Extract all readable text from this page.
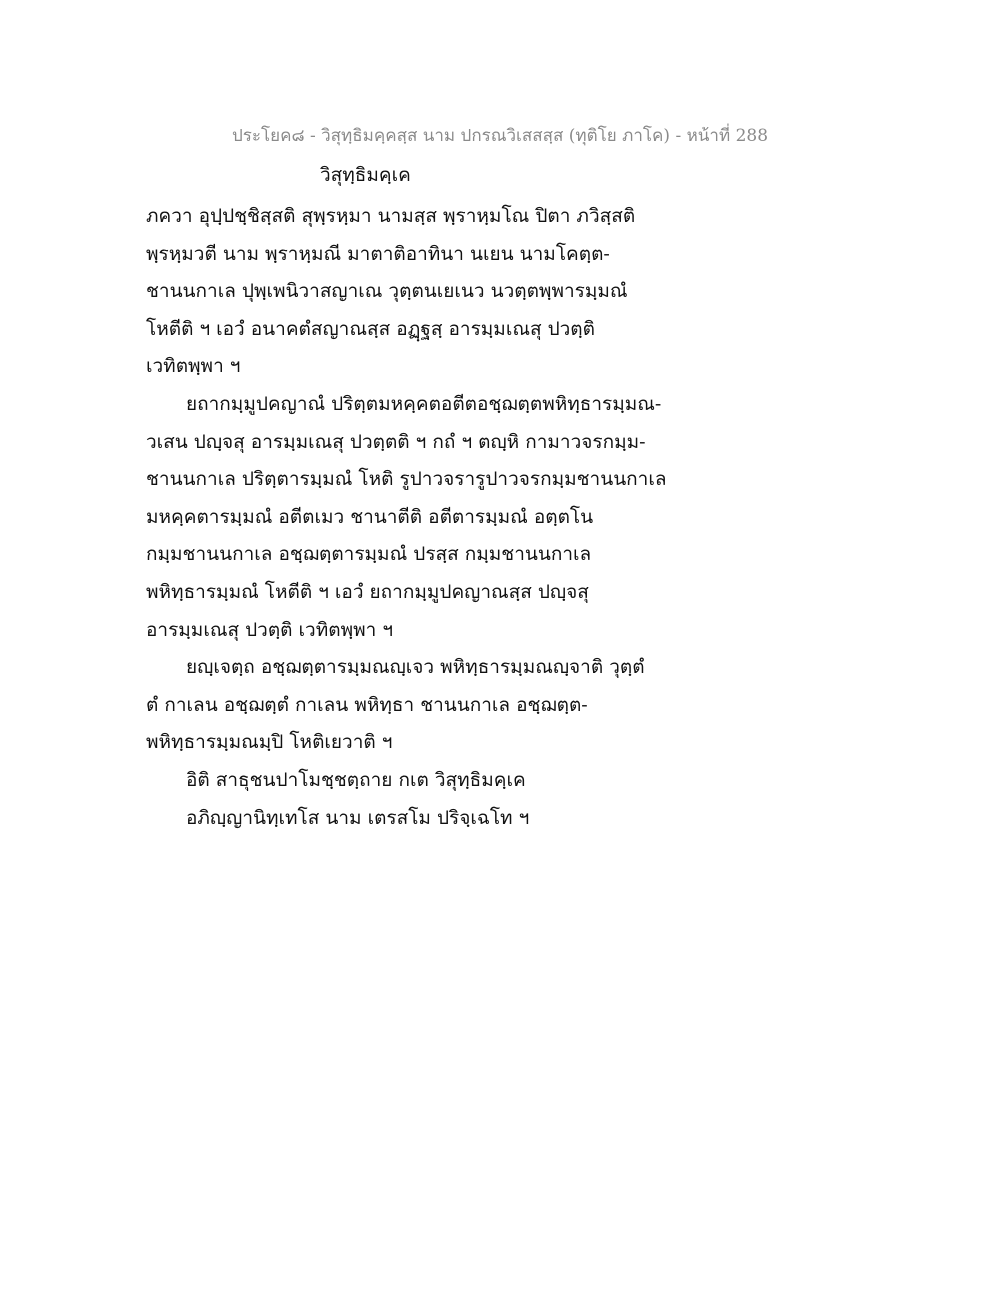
ประโยค๘ - วิสุทฺธิมคฺคสฺส นาม ปกรณวิเสสสฺส (ทุติโย ภาโค) - หน้าที่ 288
วิสุทฺธิมคฺเค
ภควา อุปฺปชฺชิสฺสติ สุพฺรหฺมา นามสฺส พฺราหฺมโณ ปิตา ภวิสฺสติ
พฺรหฺมวตี นาม พฺราหฺมณี มาตาติอาทินา นเยน นามโคตฺต-
ชานนกาเล ปุพฺเพนิวาสญาเณ วุตฺตนเยเนว นวตฺตพฺพารมฺมณํ
โหตีติ ฯ เอวํ อนาคตํสญาณสฺส อฏฺฐสฺ อารมฺมเณสุ ปวตฺติ
เวทิตพฺพา ฯ
ยถากมฺมูปคญาณํ ปริตฺตมหคฺคตอตีตอชฺฌตฺตพหิทฺธารมฺมณ-
วเสน ปญฺจสุ อารมฺมเณสุ ปวตฺตติ ฯ กถํ ฯ ตญฺหิ กามาวจรกมฺม-
ชานนกาเล ปริตฺตารมฺมณํ โหติ รูปาวจรารูปาวจรกมฺมชานนกาเล
มหคฺคตารมฺมณํ อตีตเมว ชานาตีติ อตีตารมฺมณํ อตฺตโน
กมฺมชานนกาเล อชฺฌตฺตารมฺมณํ ปรสฺส กมฺมชานนกาเล
พหิทฺธารมฺมณํ โหตีติ ฯ เอวํ ยถากมฺมูปคญาณสฺส ปญฺจสุ
อารมฺมเณสุ ปวตฺติ เวทิตพฺพา ฯ
ยญฺเจตฺถ อชฺฌตฺตารมฺมณญฺเจว พหิทฺธารมฺมณญฺจาติ วุตฺตํ
ตํ กาเลน อชฺฌตฺตํ กาเลน พหิทฺธา ชานนกาเล อชฺฌตฺต-
พหิทฺธารมฺมณมฺปิ โหติเยวาติ ฯ
อิติ สาธุชนปาโมชฺชตฺถาย กเต วิสุทฺธิมคฺเค
อภิญฺญานิทฺเทโส นาม เตรสโม ปริจฺเฉโท ฯ
